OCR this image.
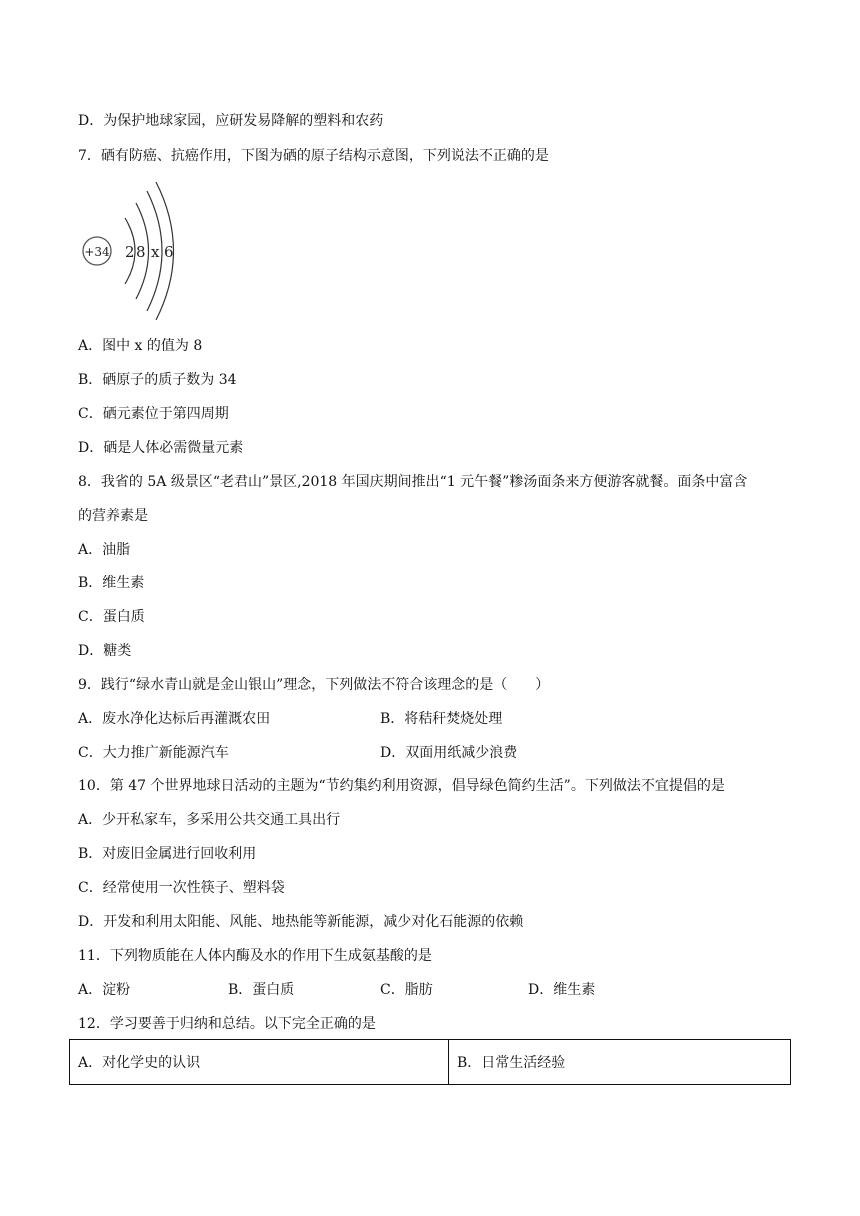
D．为保护地球家园，应研发易降解的塑料和农药
7．硒有防癌、抗癌作用，下图为硒的原子结构示意图，下列说法不正确的是
+34 2 8 x 6
A．图中 x 的值为 8
B．硒原子的质子数为 34
C．硒元素位于第四周期
D．硒是人体必需微量元素
8．我省的 5A 级景区“老君山”景区,2018 年国庆期间推出“1 元午餐”糁汤面条来方便游客就餐。面条中富含
的营养素是
A．油脂
B．维生素
C．蛋白质
D．糖类
9．践行“绿水青山就是金山银山”理念，下列做法不符合该理念的是（　　）
A．废水净化达标后再灌溉农田	B．将秸秆焚烧处理
C．大力推广新能源汽车	D．双面用纸减少浪费
10．第 47 个世界地球日活动的主题为“节约集约利用资源，倡导绿色简约生活”。下列做法不宜提倡的是
A．少开私家车，多采用公共交通工具出行
B．对废旧金属进行回收利用
C．经常使用一次性筷子、塑料袋
D．开发和利用太阳能、风能、地热能等新能源，减少对化石能源的依赖
11．下列物质能在人体内酶及水的作用下生成氨基酸的是
A．淀粉	B．蛋白质	C．脂肪	D．维生素
12．学习要善于归纳和总结。以下完全正确的是
A．对化学史的认识	B．日常生活经验
